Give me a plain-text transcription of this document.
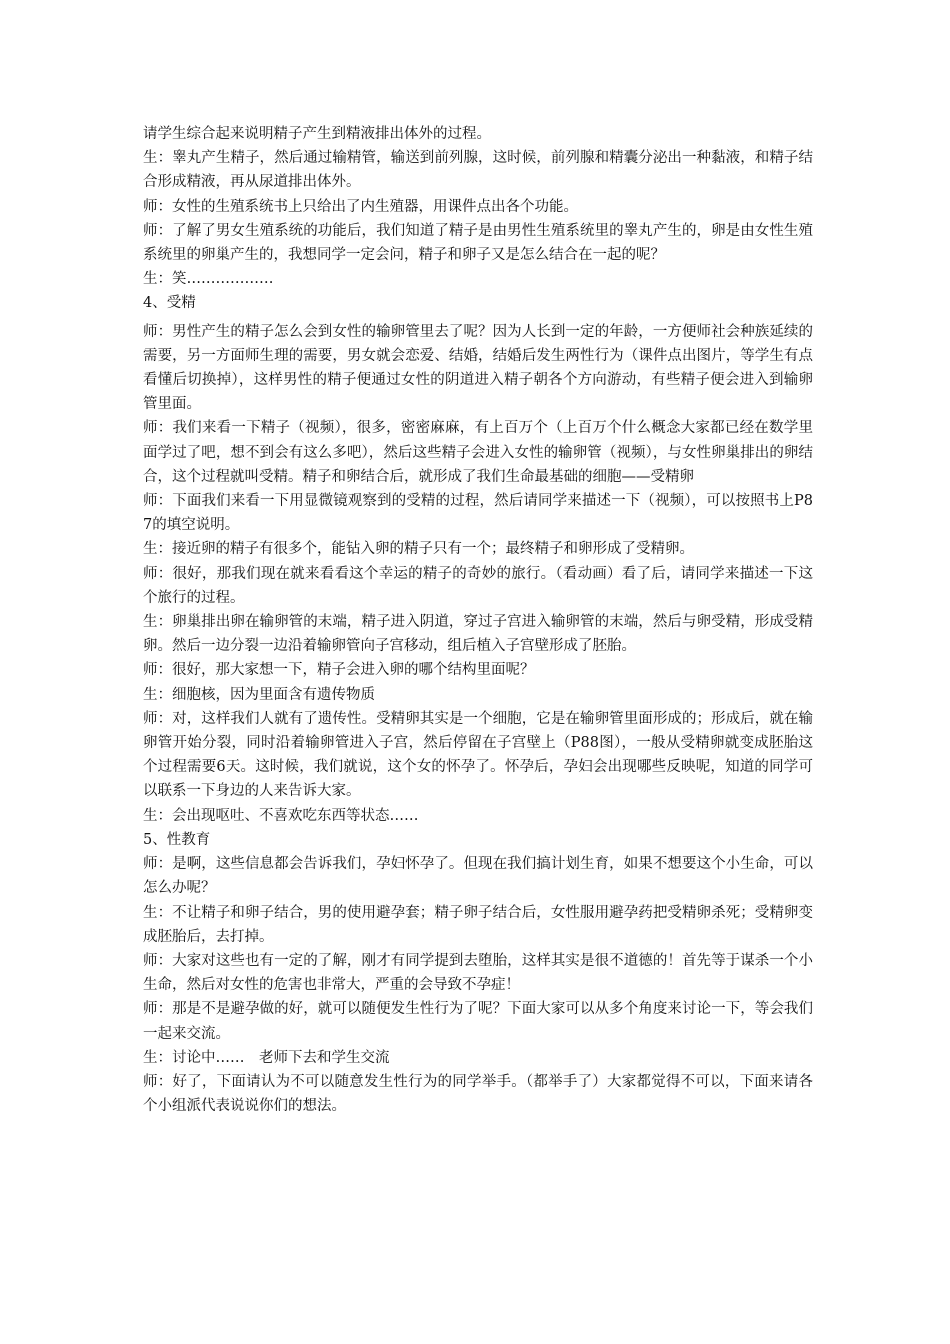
请学生综合起来说明精子产生到精液排出体外的过程。

生：睾丸产生精子，然后通过输精管，输送到前列腺，这时候，前列腺和精囊分泌出一种黏液，和精子结合形成精液，再从尿道排出体外。

师：女性的生殖系统书上只给出了内生殖器，用课件点出各个功能。

师：了解了男女生殖系统的功能后，我们知道了精子是由男性生殖系统里的睾丸产生的，卵是由女性生殖系统里的卵巢产生的，我想同学一定会问，精子和卵子又是怎么结合在一起的呢？

生：笑………………

4、受精

师：男性产生的精子怎么会到女性的输卵管里去了呢？因为人长到一定的年龄，一方便师社会种族延续的需要，另一方面师生理的需要，男女就会恋爱、结婚，结婚后发生两性行为（课件点出图片，等学生有点看懂后切换掉），这样男性的精子便通过女性的阴道进入精子朝各个方向游动，有些精子便会进入到输卵管里面。

师：我们来看一下精子（视频），很多，密密麻麻，有上百万个（上百万个什么概念大家都已经在数学里面学过了吧，想不到会有这么多吧），然后这些精子会进入女性的输卵管（视频），与女性卵巢排出的卵结合，这个过程就叫受精。精子和卵结合后，就形成了我们生命最基础的细胞——受精卵

师：下面我们来看一下用显微镜观察到的受精的过程，然后请同学来描述一下（视频），可以按照书上P87的填空说明。

生：接近卵的精子有很多个，能钻入卵的精子只有一个；最终精子和卵形成了受精卵。

师：很好，那我们现在就来看看这个幸运的精子的奇妙的旅行。（看动画）看了后，请同学来描述一下这个旅行的过程。

生：卵巢排出卵在输卵管的末端，精子进入阴道，穿过子宫进入输卵管的末端，然后与卵受精，形成受精卵。然后一边分裂一边沿着输卵管向子宫移动，组后植入子宫壁形成了胚胎。

师：很好，那大家想一下，精子会进入卵的哪个结构里面呢？

生：细胞核，因为里面含有遗传物质

师：对，这样我们人就有了遗传性。受精卵其实是一个细胞，它是在输卵管里面形成的；形成后，就在输卵管开始分裂，同时沿着输卵管进入子宫，然后停留在子宫壁上（P88图），一般从受精卵就变成胚胎这个过程需要6天。这时候，我们就说，这个女的怀孕了。怀孕后，孕妇会出现哪些反映呢，知道的同学可以联系一下身边的人来告诉大家。

生：会出现呕吐、不喜欢吃东西等状态……

5、性教育

师：是啊，这些信息都会告诉我们，孕妇怀孕了。但现在我们搞计划生育，如果不想要这个小生命，可以怎么办呢？

生：不让精子和卵子结合，男的使用避孕套；精子卵子结合后，女性服用避孕药把受精卵杀死；受精卵变成胚胎后，去打掉。

师：大家对这些也有一定的了解，刚才有同学提到去堕胎，这样其实是很不道德的！首先等于谋杀一个小生命，然后对女性的危害也非常大，严重的会导致不孕症！

师：那是不是避孕做的好，就可以随便发生性行为了呢？下面大家可以从多个角度来讨论一下，等会我们一起来交流。

生：讨论中……　老师下去和学生交流

师：好了，下面请认为不可以随意发生性行为的同学举手。（都举手了）大家都觉得不可以，下面来请各个小组派代表说说你们的想法。
